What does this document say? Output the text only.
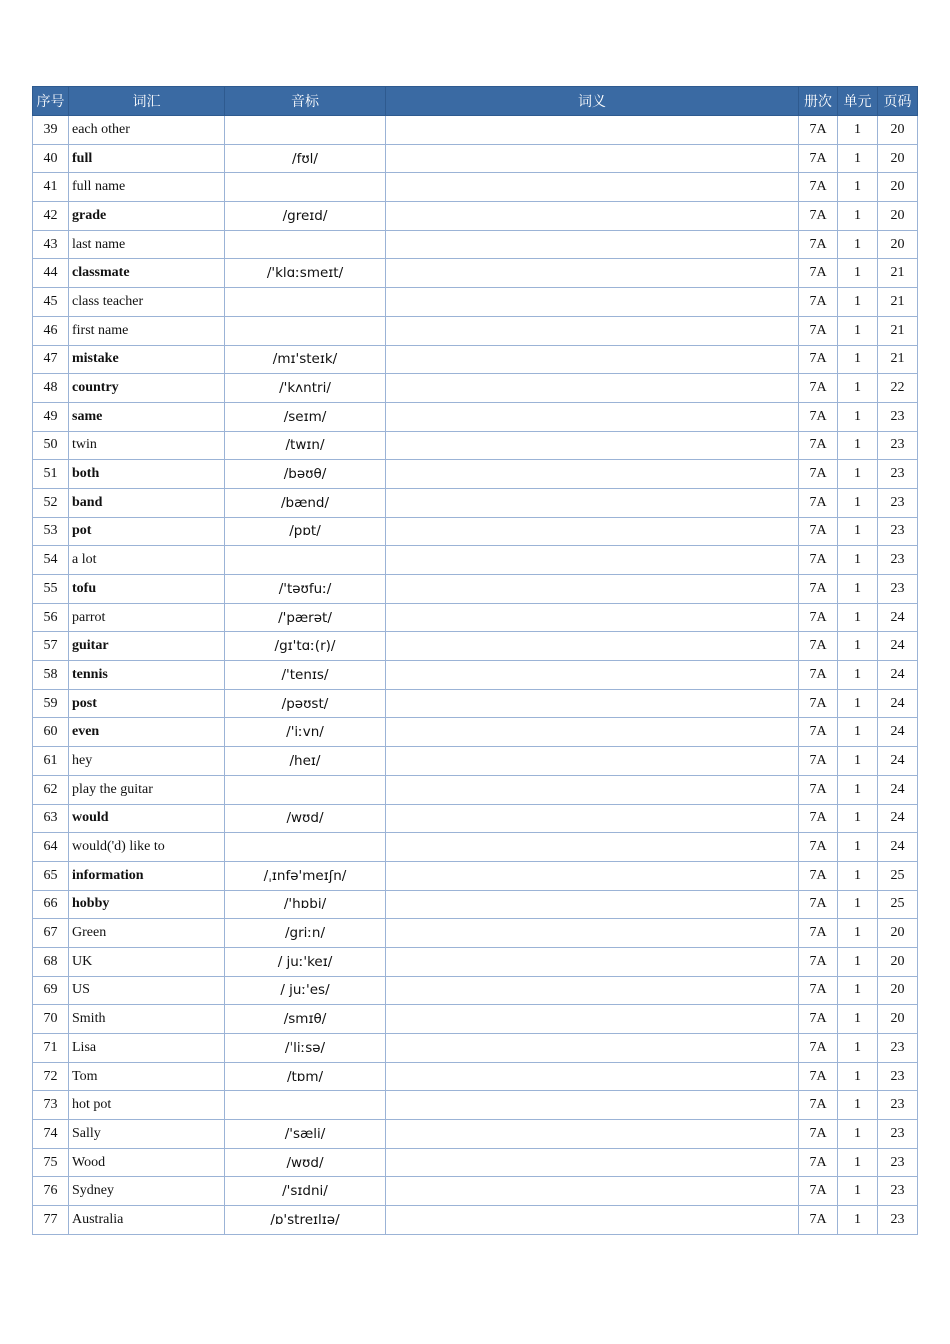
序号	词汇	音标	词义	册次	单元	页码
39	each other			7A	1	20
40	full	/fʊl/		7A	1	20
41	full name			7A	1	20
42	grade	/greɪd/		7A	1	20
43	last name			7A	1	20
44	classmate	/'klɑːsmeɪt/		7A	1	21
45	class teacher			7A	1	21
46	first name			7A	1	21
47	mistake	/mɪ'steɪk/		7A	1	21
48	country	/'kʌntri/		7A	1	22
49	same	/seɪm/		7A	1	23
50	twin	/twɪn/		7A	1	23
51	both	/bəʊθ/		7A	1	23
52	band	/bænd/		7A	1	23
53	pot	/pɒt/		7A	1	23
54	a lot			7A	1	23
55	tofu	/'təʊfuː/		7A	1	23
56	parrot	/'pærət/		7A	1	24
57	guitar	/gɪ'tɑː(r)/		7A	1	24
58	tennis	/'tenɪs/		7A	1	24
59	post	/pəʊst/		7A	1	24
60	even	/'iːvn/		7A	1	24
61	hey	/heɪ/		7A	1	24
62	play the guitar			7A	1	24
63	would	/wʊd/		7A	1	24
64	would('d) like to			7A	1	24
65	information	/ˌɪnfə'meɪʃn/		7A	1	25
66	hobby	/'hɒbi/		7A	1	25
67	Green	/griːn/		7A	1	20
68	UK	/ juː'keɪ/		7A	1	20
69	US	/ juː'es/		7A	1	20
70	Smith	/smɪθ/		7A	1	20
71	Lisa	/ˈliːsə/		7A	1	23
72	Tom	/tɒm/		7A	1	23
73	hot pot			7A	1	23
74	Sally	/'sæli/		7A	1	23
75	Wood	/wʊd/		7A	1	23
76	Sydney	/'sɪdni/		7A	1	23
77	Australia	/ɒ'streɪlɪə/		7A	1	23
